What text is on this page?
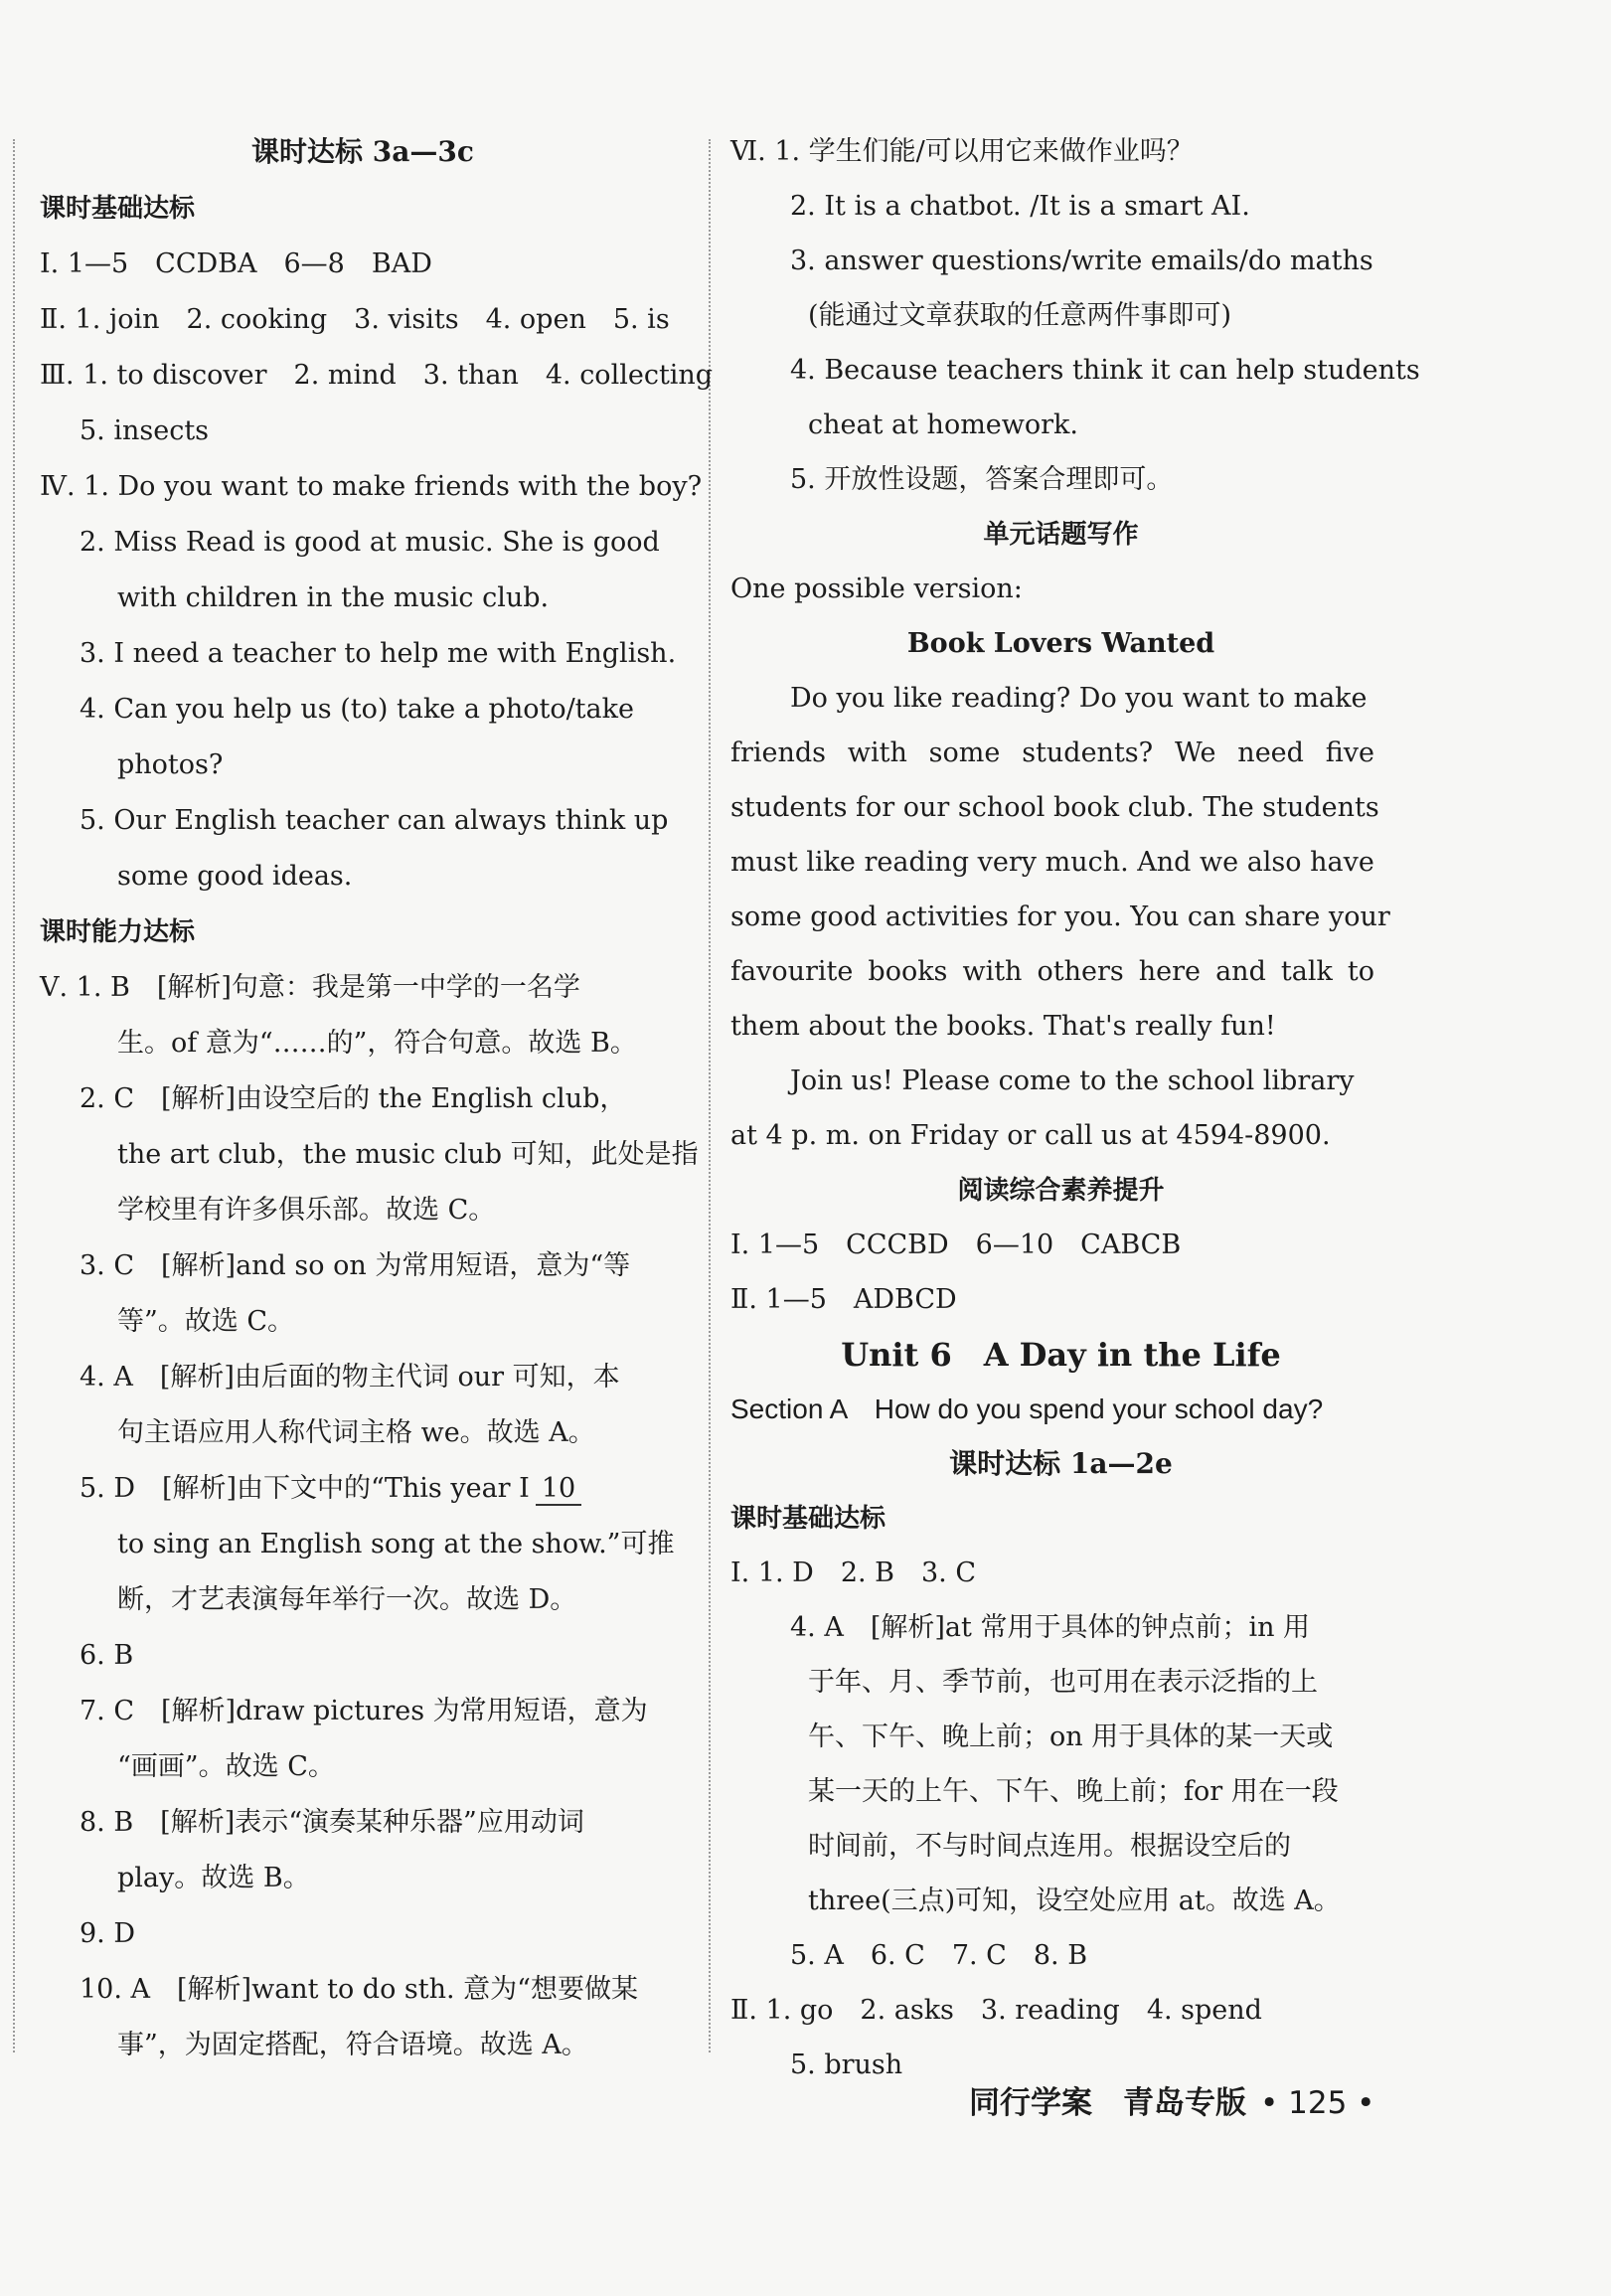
课时达标 3a—3c
课时基础达标
Ⅰ. 1—5　CCDBA　6—8　BAD
Ⅱ. 1. join　2. cooking　3. visits　4. open　5. is
Ⅲ. 1. to discover　2. mind　3. than　4. collecting
5. insects
Ⅳ. 1. Do you want to make friends with the boy?
2. Miss Read is good at music. She is good
with children in the music club.
3. I need a teacher to help me with English.
4. Can you help us (to) take a photo/take
photos?
5. Our English teacher can always think up
some good ideas.
课时能力达标
Ⅴ. 1. B　[解析]句意：我是第一中学的一名学
生。of 意为“……的”，符合句意。故选 B。
2. C　[解析]由设空后的 the English club，
the art club，the music club 可知，此处是指
学校里有许多俱乐部。故选 C。
3. C　[解析]and so on 为常用短语，意为“等
等”。故选 C。
4. A　[解析]由后面的物主代词 our 可知，本
句主语应用人称代词主格 we。故选 A。
5. D　[解析]由下文中的“This year I 10
to sing an English song at the show.”可推
断，才艺表演每年举行一次。故选 D。
6. B
7. C　[解析]draw pictures 为常用短语，意为
“画画”。故选 C。
8. B　[解析]表示“演奏某种乐器”应用动词
play。故选 B。
9. D
10. A　[解析]want to do sth. 意为“想要做某
事”，为固定搭配，符合语境。故选 A。
Ⅵ. 1. 学生们能/可以用它来做作业吗？
2. It is a chatbot. /It is a smart AI.
3. answer questions/write emails/do maths
(能通过文章获取的任意两件事即可)
4. Because teachers think it can help students
cheat at homework.
5. 开放性设题，答案合理即可。
单元话题写作
One possible version:
Book Lovers Wanted
Do you like reading? Do you want to make
friends with some students? We need five
students for our school book club. The students
must like reading very much. And we also have
some good activities for you. You can share your
favourite books with others here and talk to
them about the books. That's really fun!
Join us! Please come to the school library
at 4 p. m. on Friday or call us at 4594-8900.
阅读综合素养提升
Ⅰ. 1—5　CCCBD　6—10　CABCB
Ⅱ. 1—5　ADBCD
Unit 6　A Day in the Life
Section A　How do you spend your school day?
课时达标 1a—2e
课时基础达标
Ⅰ. 1. D　2. B　3. C
4. A　[解析]at 常用于具体的钟点前；in 用
于年、月、季节前，也可用在表示泛指的上
午、下午、晚上前；on 用于具体的某一天或
某一天的上午、下午、晚上前；for 用在一段
时间前，不与时间点连用。根据设空后的
three(三点)可知，设空处应用 at。故选 A。
5. A　6. C　7. C　8. B
Ⅱ. 1. go　2. asks　3. reading　4. spend
5. brush
同行学案　青岛专版 • 125 •
